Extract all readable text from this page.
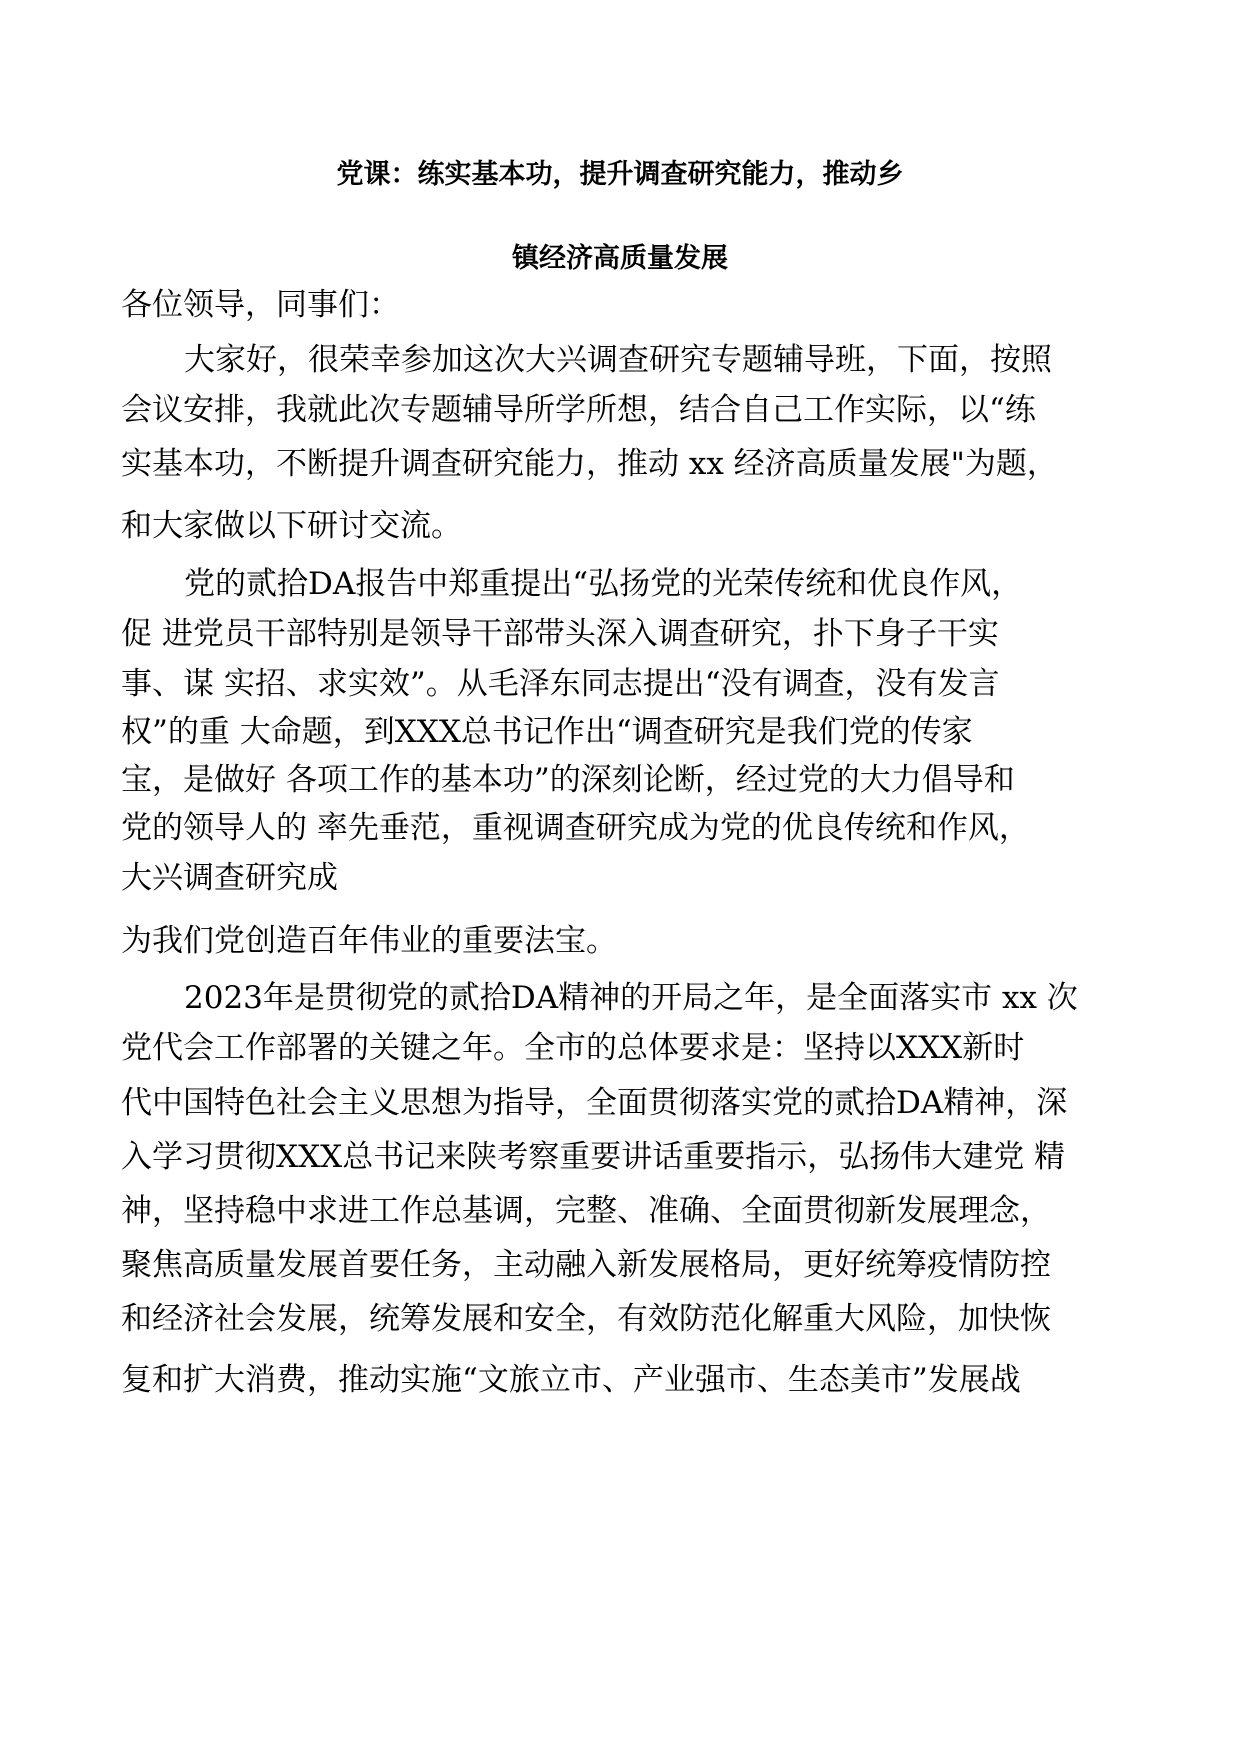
党课：练实基本功，提升调查研究能力，推动乡
镇经济高质量发展
各位领导，同事们：
大家好，很荣幸参加这次大兴调查研究专题辅导班，下面，按照
会议安排，我就此次专题辅导所学所想，结合自己工作实际，以“练
实基本功，不断提升调查研究能力，推动 xx 经济高质量发展"为题，
和大家做以下研讨交流。
党的贰拾DA报告中郑重提出“弘扬党的光荣传统和优良作风，
促 进党员干部特别是领导干部带头深入调查研究，扑下身子干实
事、谋 实招、求实效”。从毛泽东同志提出“没有调查，没有发言
权”的重 大命题，到XXX总书记作出“调查研究是我们党的传家
宝，是做好 各项工作的基本功”的深刻论断，经过党的大力倡导和
党的领导人的 率先垂范，重视调查研究成为党的优良传统和作风，
大兴调查研究成
为我们党创造百年伟业的重要法宝。
2023年是贯彻党的贰拾DA精神的开局之年，是全面落实市 xx 次
党代会工作部署的关键之年。全市的总体要求是：坚持以XXX新时
代中国特色社会主义思想为指导，全面贯彻落实党的贰拾DA精神，深
入学习贯彻XXX总书记来陕考察重要讲话重要指示，弘扬伟大建党 精
神，坚持稳中求进工作总基调，完整、准确、全面贯彻新发展理念，
聚焦高质量发展首要任务，主动融入新发展格局，更好统筹疫情防控
和经济社会发展，统筹发展和安全，有效防范化解重大风险，加快恢
复和扩大消费，推动实施“文旅立市、产业强市、生态美市”发展战
